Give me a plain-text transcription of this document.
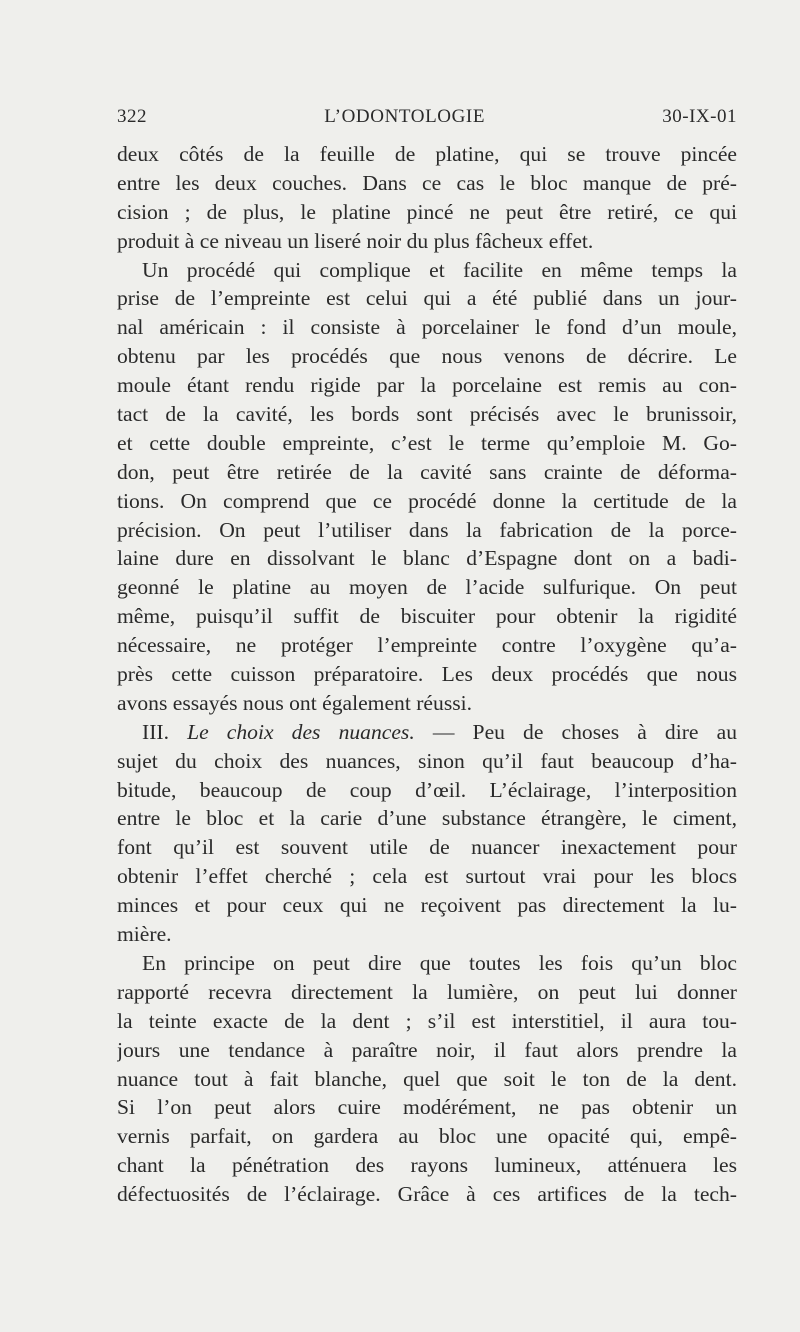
322	L’ODONTOLOGIE	30-IX-01
deux côtés de la feuille de platine, qui se trouve pincée
entre les deux couches. Dans ce cas le bloc manque de pré-
cision ; de plus, le platine pincé ne peut être retiré, ce qui
produit à ce niveau un liseré noir du plus fâcheux effet.
Un procédé qui complique et facilite en même temps la
prise de l’empreinte est celui qui a été publié dans un jour-
nal américain : il consiste à porcelainer le fond d’un moule,
obtenu par les procédés que nous venons de décrire. Le
moule étant rendu rigide par la porcelaine est remis au con-
tact de la cavité, les bords sont précisés avec le brunissoir,
et cette double empreinte, c’est le terme qu’emploie M. Go-
don, peut être retirée de la cavité sans crainte de déforma-
tions. On comprend que ce procédé donne la certitude de la
précision. On peut l’utiliser dans la fabrication de la porce-
laine dure en dissolvant le blanc d’Espagne dont on a badi-
geonné le platine au moyen de l’acide sulfurique. On peut
même, puisqu’il suffit de biscuiter pour obtenir la rigidité
nécessaire, ne protéger l’empreinte contre l’oxygène qu’a-
près cette cuisson préparatoire. Les deux procédés que nous
avons essayés nous ont également réussi.
III. Le choix des nuances. — Peu de choses à dire au
sujet du choix des nuances, sinon qu’il faut beaucoup d’ha-
bitude, beaucoup de coup d’œil. L’éclairage, l’interposition
entre le bloc et la carie d’une substance étrangère, le ciment,
font qu’il est souvent utile de nuancer inexactement pour
obtenir l’effet cherché ; cela est surtout vrai pour les blocs
minces et pour ceux qui ne reçoivent pas directement la lu-
mière.
En principe on peut dire que toutes les fois qu’un bloc
rapporté recevra directement la lumière, on peut lui donner
la teinte exacte de la dent ; s’il est interstitiel, il aura tou-
jours une tendance à paraître noir, il faut alors prendre la
nuance tout à fait blanche, quel que soit le ton de la dent.
Si l’on peut alors cuire modérément, ne pas obtenir un
vernis parfait, on gardera au bloc une opacité qui, empê-
chant la pénétration des rayons lumineux, atténuera les
défectuosités de l’éclairage. Grâce à ces artifices de la tech-
